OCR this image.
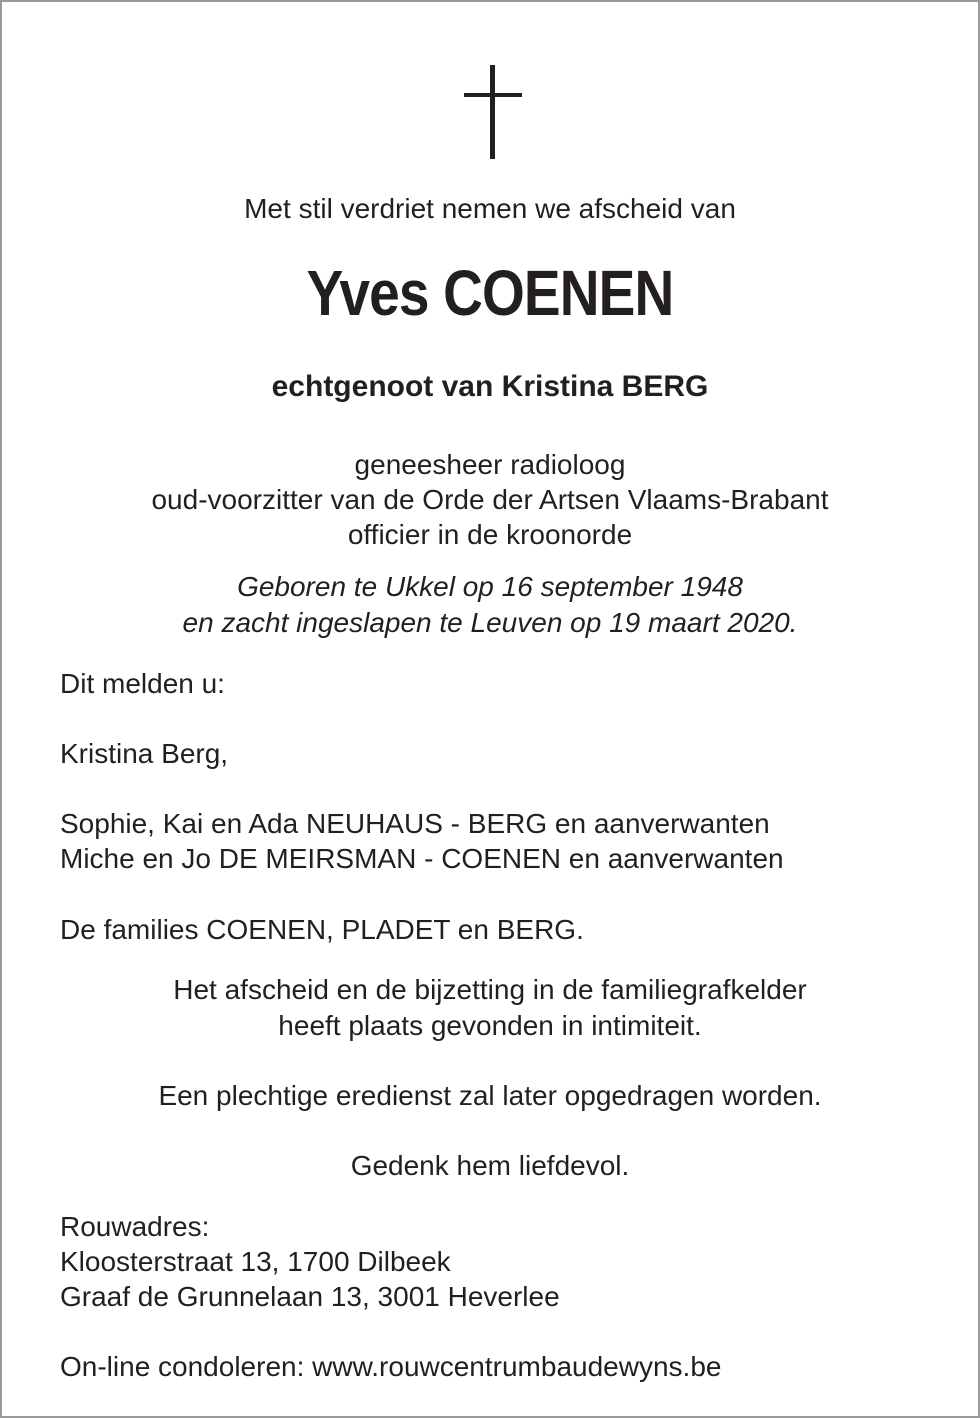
Met stil verdriet nemen we afscheid van
Yves COENEN
echtgenoot van Kristina BERG
geneesheer radioloog
oud-voorzitter van de Orde der Artsen Vlaams-Brabant
officier in de kroonorde
Geboren te Ukkel op 16 september 1948
en zacht ingeslapen te Leuven op 19 maart 2020.
Dit melden u:
Kristina Berg,
Sophie, Kai en Ada NEUHAUS - BERG en aanverwanten
Miche en Jo DE MEIRSMAN - COENEN en aanverwanten
De families COENEN, PLADET en BERG.
Het afscheid en de bijzetting in de familiegrafkelder
heeft plaats gevonden in intimiteit.
Een plechtige eredienst zal later opgedragen worden.
Gedenk hem liefdevol.
Rouwadres:
Kloosterstraat 13, 1700 Dilbeek
Graaf de Grunnelaan 13, 3001 Heverlee
On-line condoleren: www.rouwcentrumbaudewyns.be
